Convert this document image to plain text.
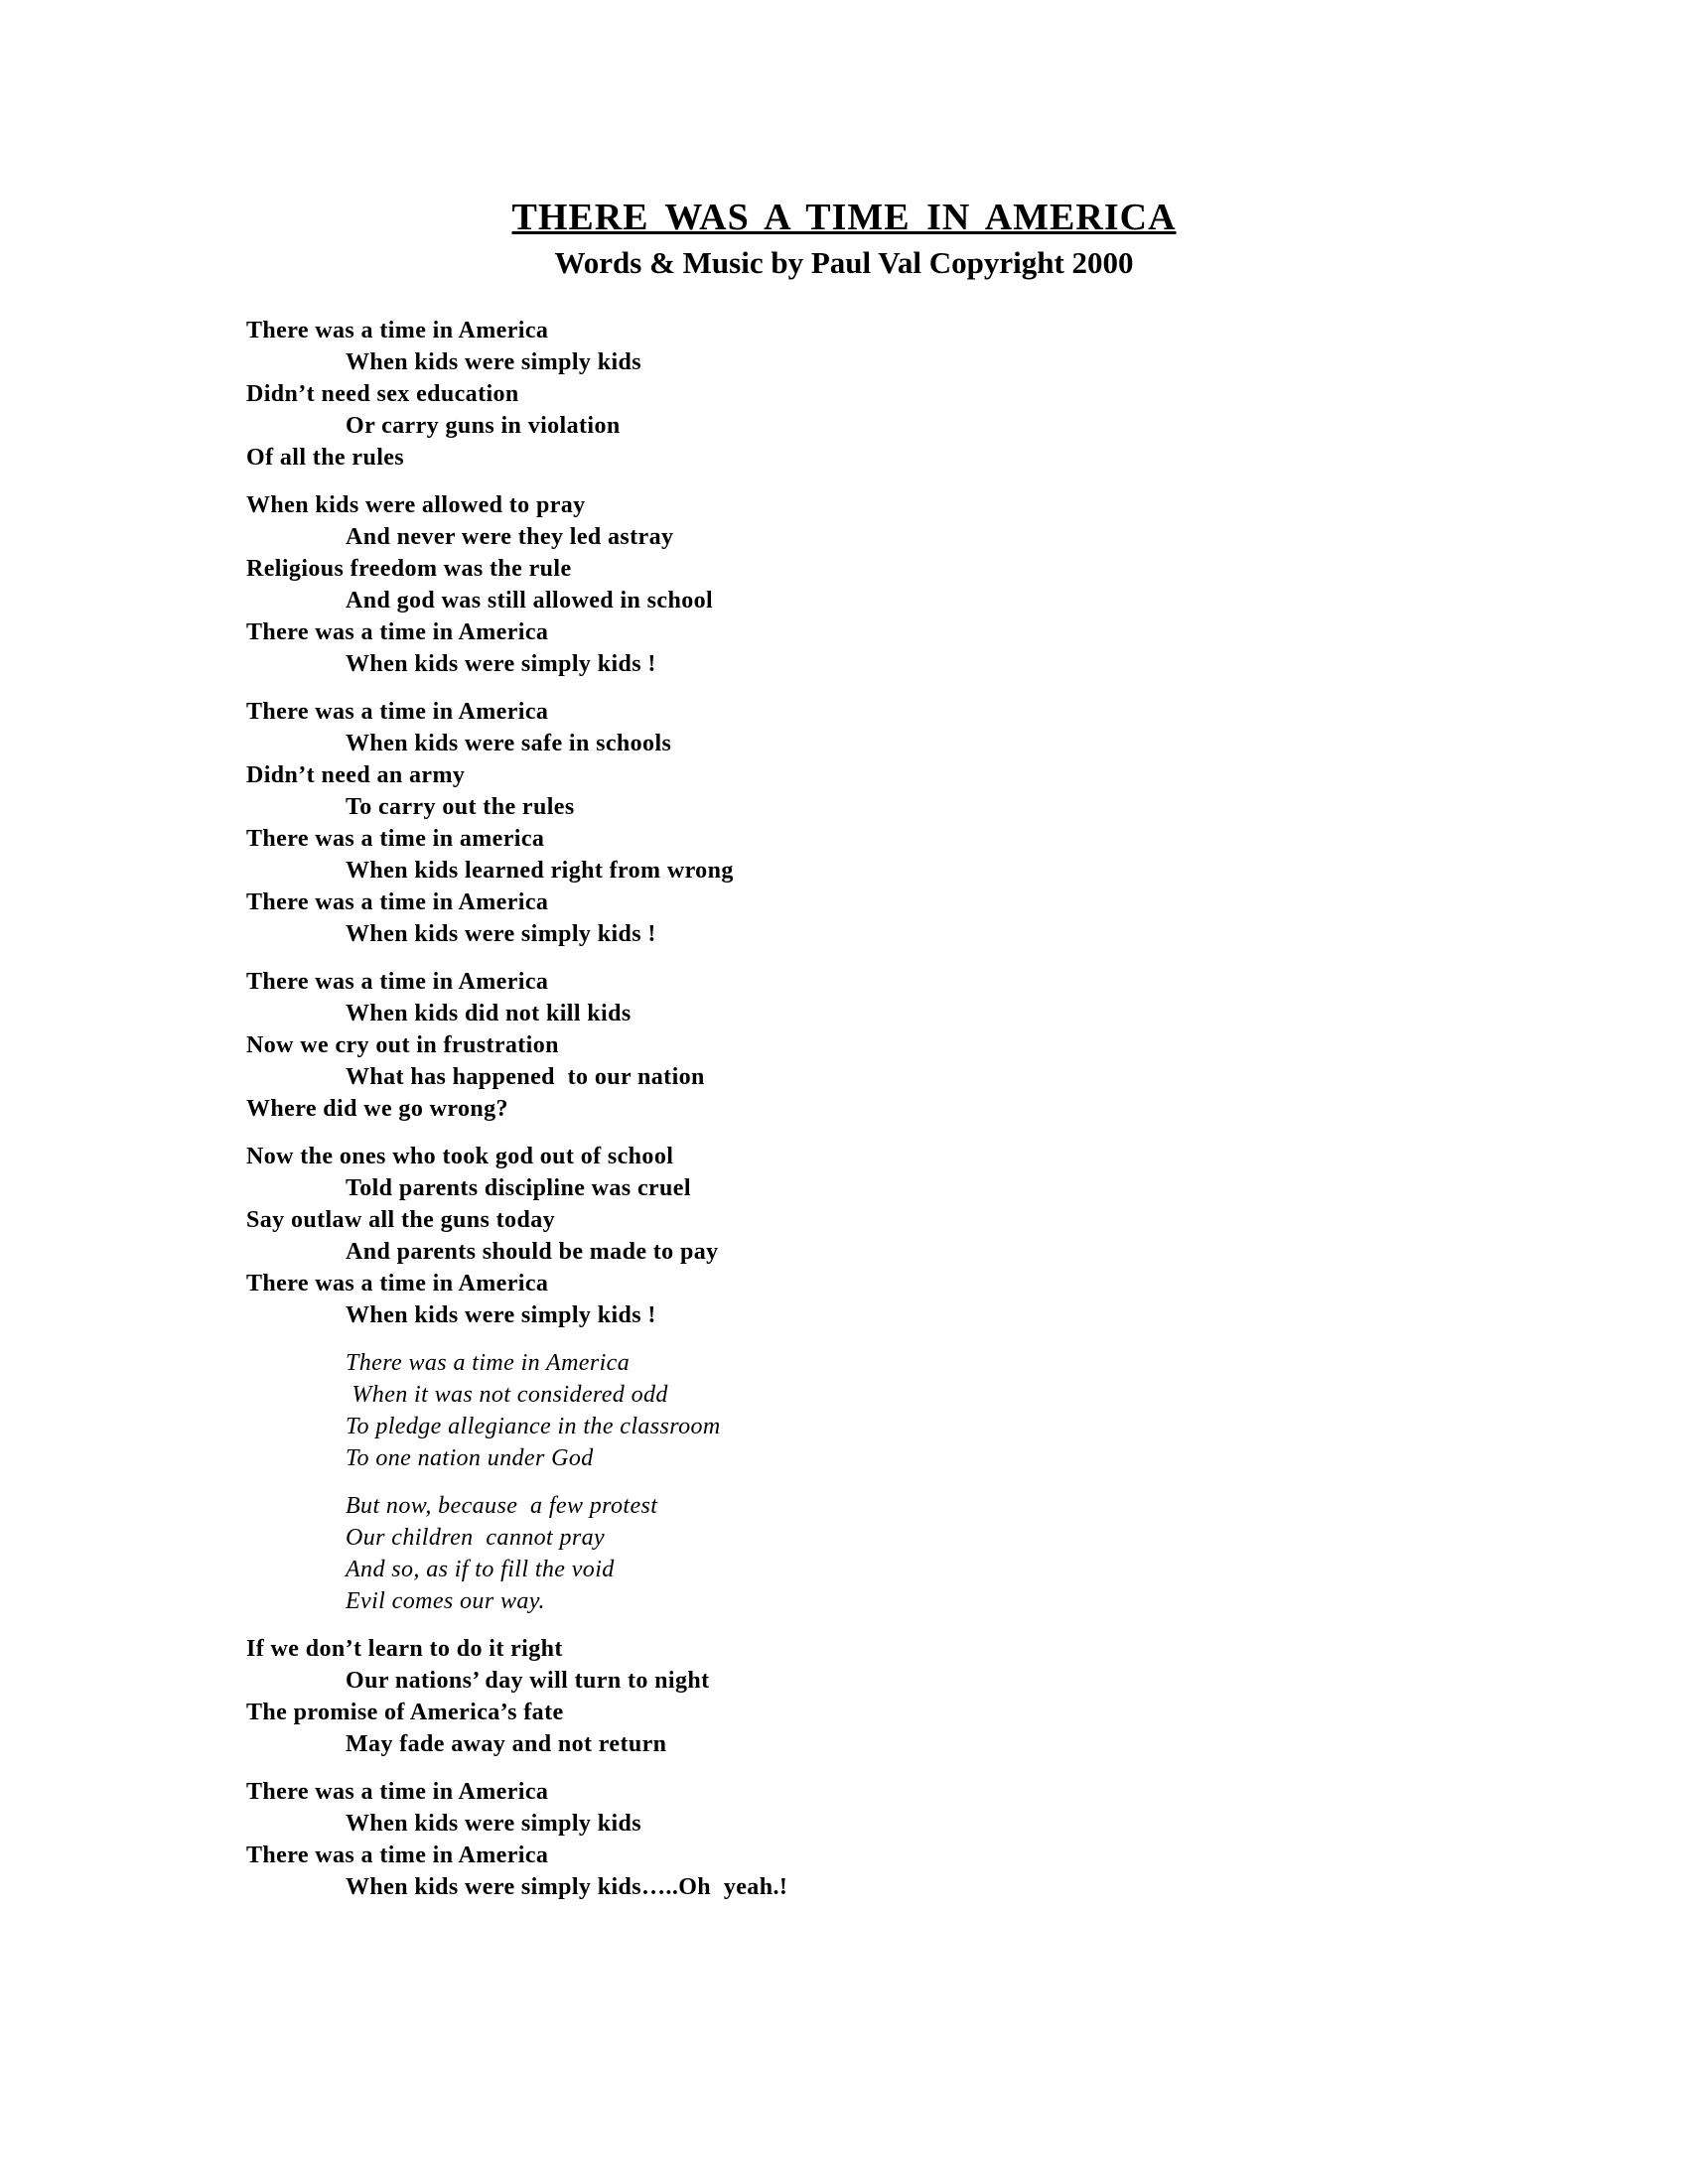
THERE WAS A TIME IN AMERICA
Words & Music by Paul Val Copyright 2000
There was a time in America
When kids were simply kids
Didn’t need sex education
Or carry guns in violation
Of all the rules
When kids were allowed to pray
And never were they led astray
Religious freedom was the rule
And god was still allowed in school
There was a time in America
When kids were simply kids !
There was a time in America
When kids were safe in schools
Didn’t need an army
To carry out the rules
There was a time in america
When kids learned right from wrong
There was a time in America
When kids were simply kids !
There was a time in America
When kids did not kill kids
Now we cry out in frustration
What has happened  to our nation
Where did we go wrong?
Now the ones who took god out of school
Told parents discipline was cruel
Say outlaw all the guns today
And parents should be made to pay
There was a time in America
When kids were simply kids !
There was a time in America
When it was not considered odd
To pledge allegiance in the classroom
To one nation under God
But now, because  a few protest
Our children  cannot pray
And so, as if to fill the void
Evil comes our way.
If we don’t learn to do it right
Our nations’ day will turn to night
The promise of America’s fate
May fade away and not return
There was a time in America
When kids were simply kids
There was a time in America
When kids were simply kids…..Oh  yeah.!
